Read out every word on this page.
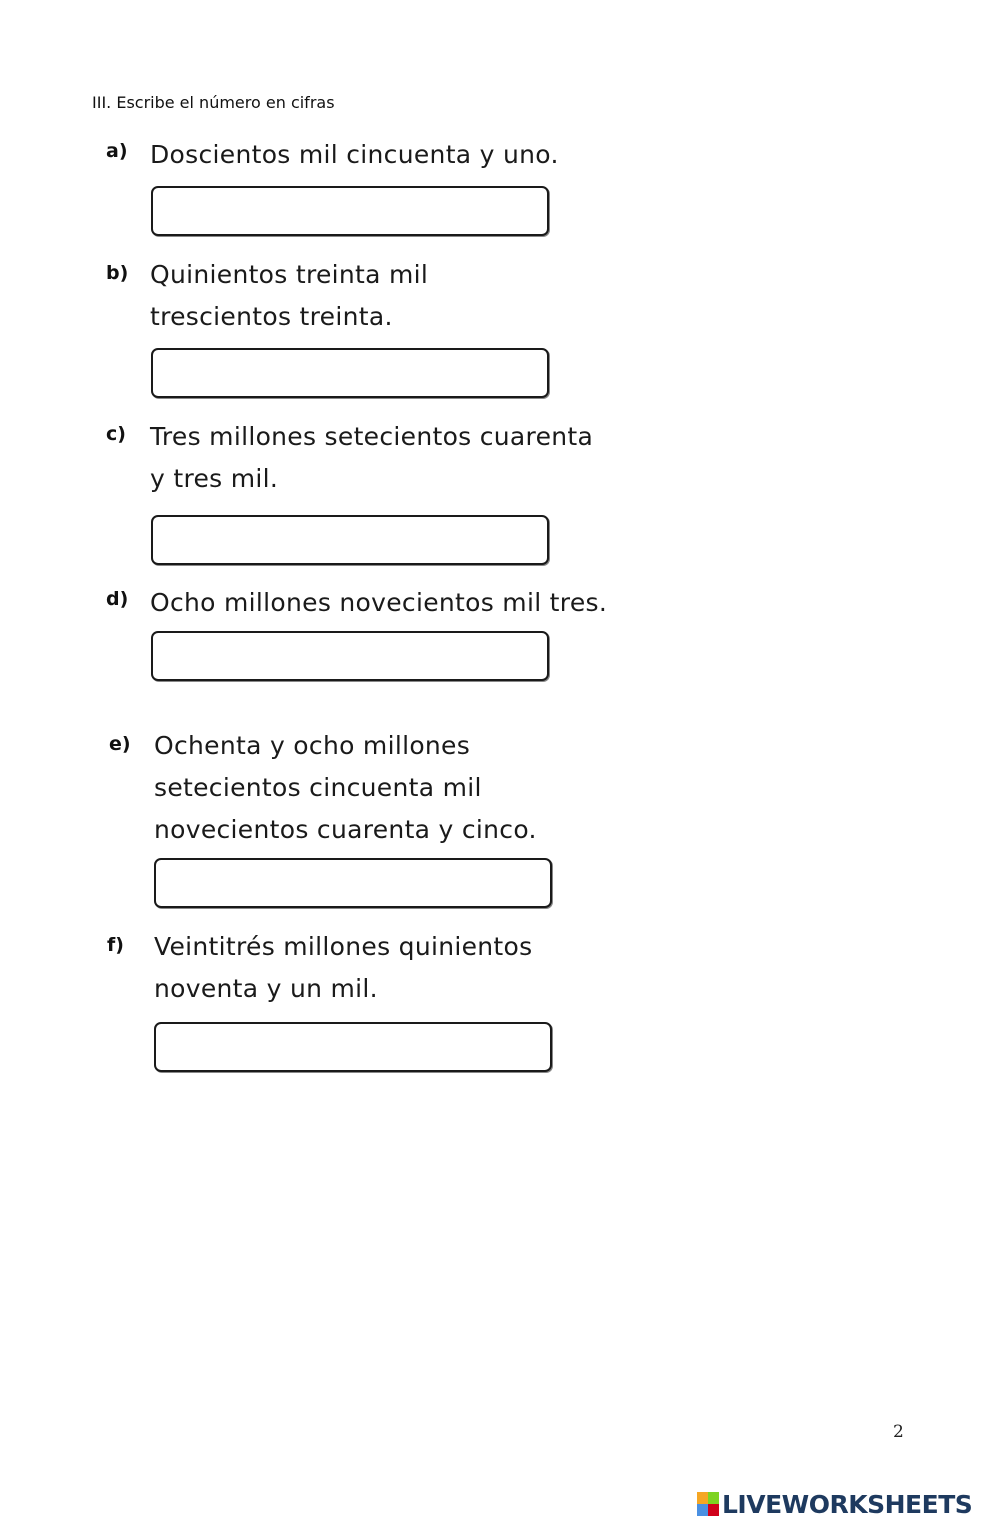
III. Escribe el número en cifras
a) Doscientos mil cincuenta y uno.
b) Quinientos treinta mil
trescientos treinta.
c) Tres millones setecientos cuarenta
y tres mil.
d) Ocho millones novecientos mil tres.
e) Ochenta y ocho millones
setecientos cincuenta mil
novecientos cuarenta y cinco.
f) Veintitrés millones quinientos
noventa y un mil.
2
LIVEWORKSHEETS
